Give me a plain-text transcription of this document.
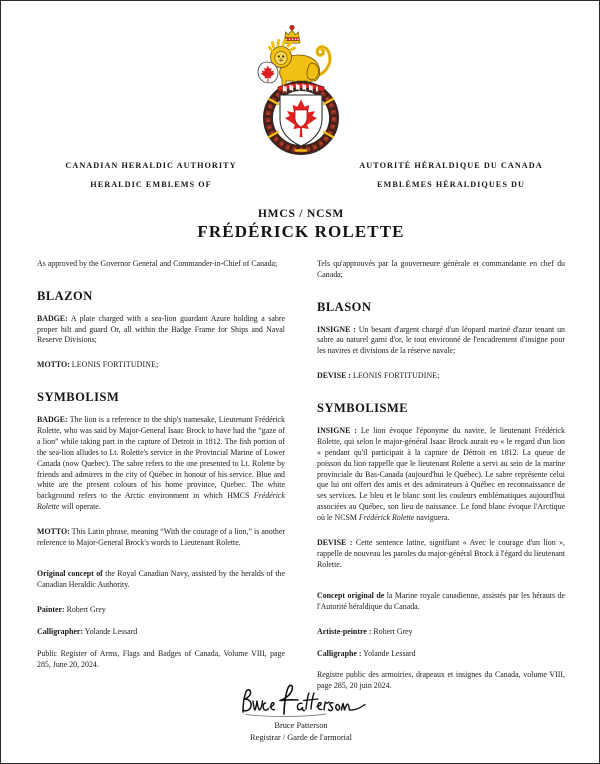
CANADIAN HERALDIC AUTHORITY
HERALDIC EMBLEMS OF
AUTORITÉ HÉRALDIQUE DU CANADA
EMBLÈMES HÉRALDIQUES DU
HMCS / NCSM
FRÉDÉRICK ROLETTE

As approved by the Governor General and Commander-in-Chief of Canada;

BLAZON

BADGE: A plate charged with a sea-lion guardant Azure holding a sabre proper hilt and guard Or, all within the Badge Frame for Ships and Naval Reserve Divisions;

MOTTO: LEONIS FORTITUDINE;

SYMBOLISM

BADGE: The lion is a reference to the ship's namesake, Lieutenant Frédérick Rolette, who was said by Major-General Isaac Brock to have had the “gaze of a lion” while taking part in the capture of Detroit in 1812. The fish portion of the sea-lion alludes to Lt. Rolette's service in the Provincial Marine of Lower Canada (now Quebec). The sabre refers to the one presented to Lt. Rolette by friends and admirers in the city of Québec in honour of his service. Blue and white are the present colours of his home province, Quebec. The white background refers to the Arctic environment in which HMCS Frédérick Rolette will operate.

MOTTO: This Latin phrase, meaning “With the courage of a lion,” is another reference to Major-General Brock's words to Lieutenant Rolette.

Original concept of the Royal Canadian Navy, assisted by the heralds of the Canadian Heraldic Authority.

Painter: Robert Grey

Calligrapher: Yolande Lessard

Public Register of Arms, Flags and Badges of Canada, Volume VIII, page 285, June 20, 2024.

Tels qu'approuvés par la gouverneure générale et commandante en chef du Canada;

BLASON

INSIGNE : Un besant d'argent chargé d'un léopard mariné d'azur tenant un sabre au naturel garni d'or, le tout environné de l'encadrement d'insigne pour les navires et divisions de la réserve navale;

DEVISE : LEONIS FORTITUDINE;

SYMBOLISME

INSIGNE : Le lion évoque l'éponyme du navire, le lieutenant Frédérick Rolette, qui selon le major-général Isaac Brock aurait eu « le regard d'un lion » pendant qu'il participait à la capture de Détroit en 1812. La queue de poisson du lion rappelle que le lieutenant Rolette a servi au sein de la marine provinciale du Bas-Canada (aujourd'hui le Québec). Le sabre représente celui que lui ont offert des amis et des admirateurs à Québec en reconnaissance de ses services. Le bleu et le blanc sont les couleurs emblématiques aujourd'hui associées au Québec, son lieu de naissance. Le fond blanc évoque l'Arctique où le NCSM Frédérick Rolette naviguera.

DEVISE : Cette sentence latine, signifiant « Avec le courage d'un lion », rappelle de nouveau les paroles du major-général Brock à l'égard du lieutenant Rolette.

Concept original de la Marine royale canadienne, assistés par les hérauts de l'Autorité héraldique du Canada.

Artiste-peintre : Robert Grey

Calligraphe : Yolande Lessard

Registre public des armoiries, drapeaux et insignes du Canada, volume VIII, page 285, 20 juin 2024.

Bruce Patterson
Registrar / Garde de l'armorial
